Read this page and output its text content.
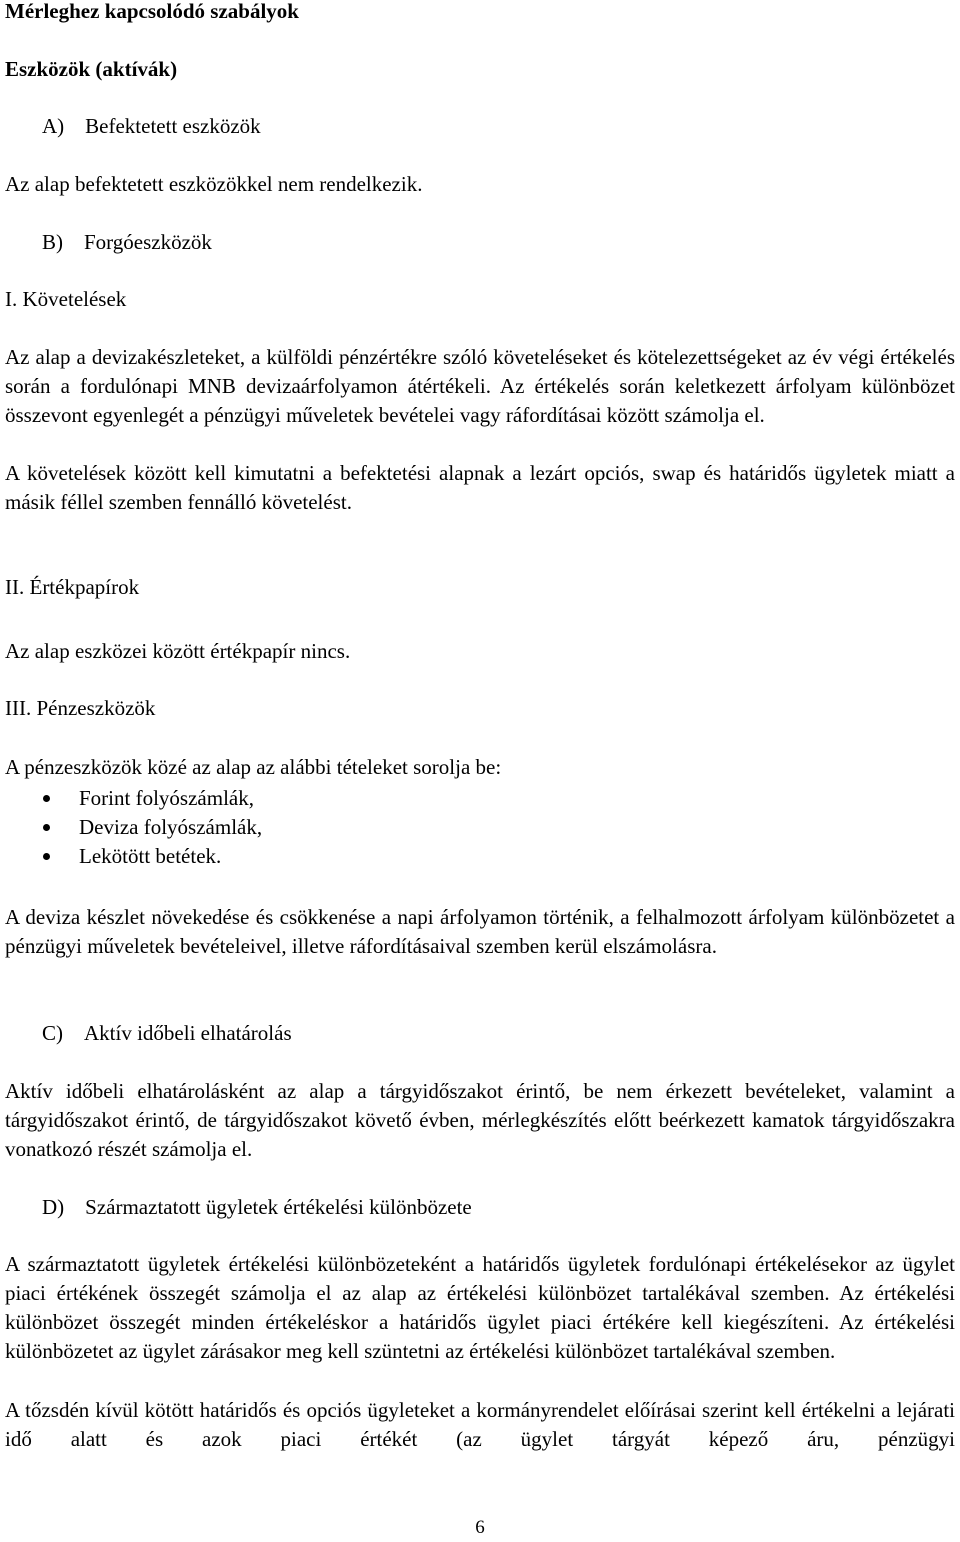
Mérleghez kapcsolódó szabályok

Eszközök (aktívák)

A) Befektetett eszközök

Az alap befektetett eszközökkel nem rendelkezik.

B) Forgóeszközök

I. Követelések

Az alap a devizakészleteket, a külföldi pénzértékre szóló követeléseket és kötelezettségeket az év végi értékelés során a fordulónapi MNB devizaárfolyamon átértékeli. Az értékelés során keletkezett árfolyam különbözet összevont egyenlegét a pénzügyi műveletek bevételei vagy ráfordításai között számolja el.

A követelések között kell kimutatni a befektetési alapnak a lezárt opciós, swap és határidős ügyletek miatt a másik féllel szemben fennálló követelést.

II. Értékpapírok

Az alap eszközei között értékpapír nincs.

III. Pénzeszközök

A pénzeszközök közé az alap az alábbi tételeket sorolja be:

Forint folyószámlák,
Deviza folyószámlák,
Lekötött betétek.

A deviza készlet növekedése és csökkenése a napi árfolyamon történik, a felhalmozott árfolyam különbözetet a pénzügyi műveletek bevételeivel, illetve ráfordításaival szemben kerül elszámolásra.

C) Aktív időbeli elhatárolás

Aktív időbeli elhatárolásként az alap a tárgyidőszakot érintő, be nem érkezett bevételeket, valamint a tárgyidőszakot érintő, de tárgyidőszakot követő évben, mérlegkészítés előtt beérkezett kamatok tárgyidőszakra vonatkozó részét számolja el.

D) Származtatott ügyletek értékelési különbözete

A származtatott ügyletek értékelési különbözeteként a határidős ügyletek fordulónapi értékelésekor az ügylet piaci értékének összegét számolja el az alap az értékelési különbözet tartalékával szemben. Az értékelési különbözet összegét minden értékeléskor a határidős ügylet piaci értékére kell kiegészíteni. Az értékelési különbözetet az ügylet zárásakor meg kell szüntetni az értékelési különbözet tartalékával szemben.

A tőzsdén kívül kötött határidős és opciós ügyleteket a kormányrendelet előírásai szerint kell értékelni a lejárati idő alatt és azok piaci értékét (az ügylet tárgyát képező áru, pénzügyi

6
